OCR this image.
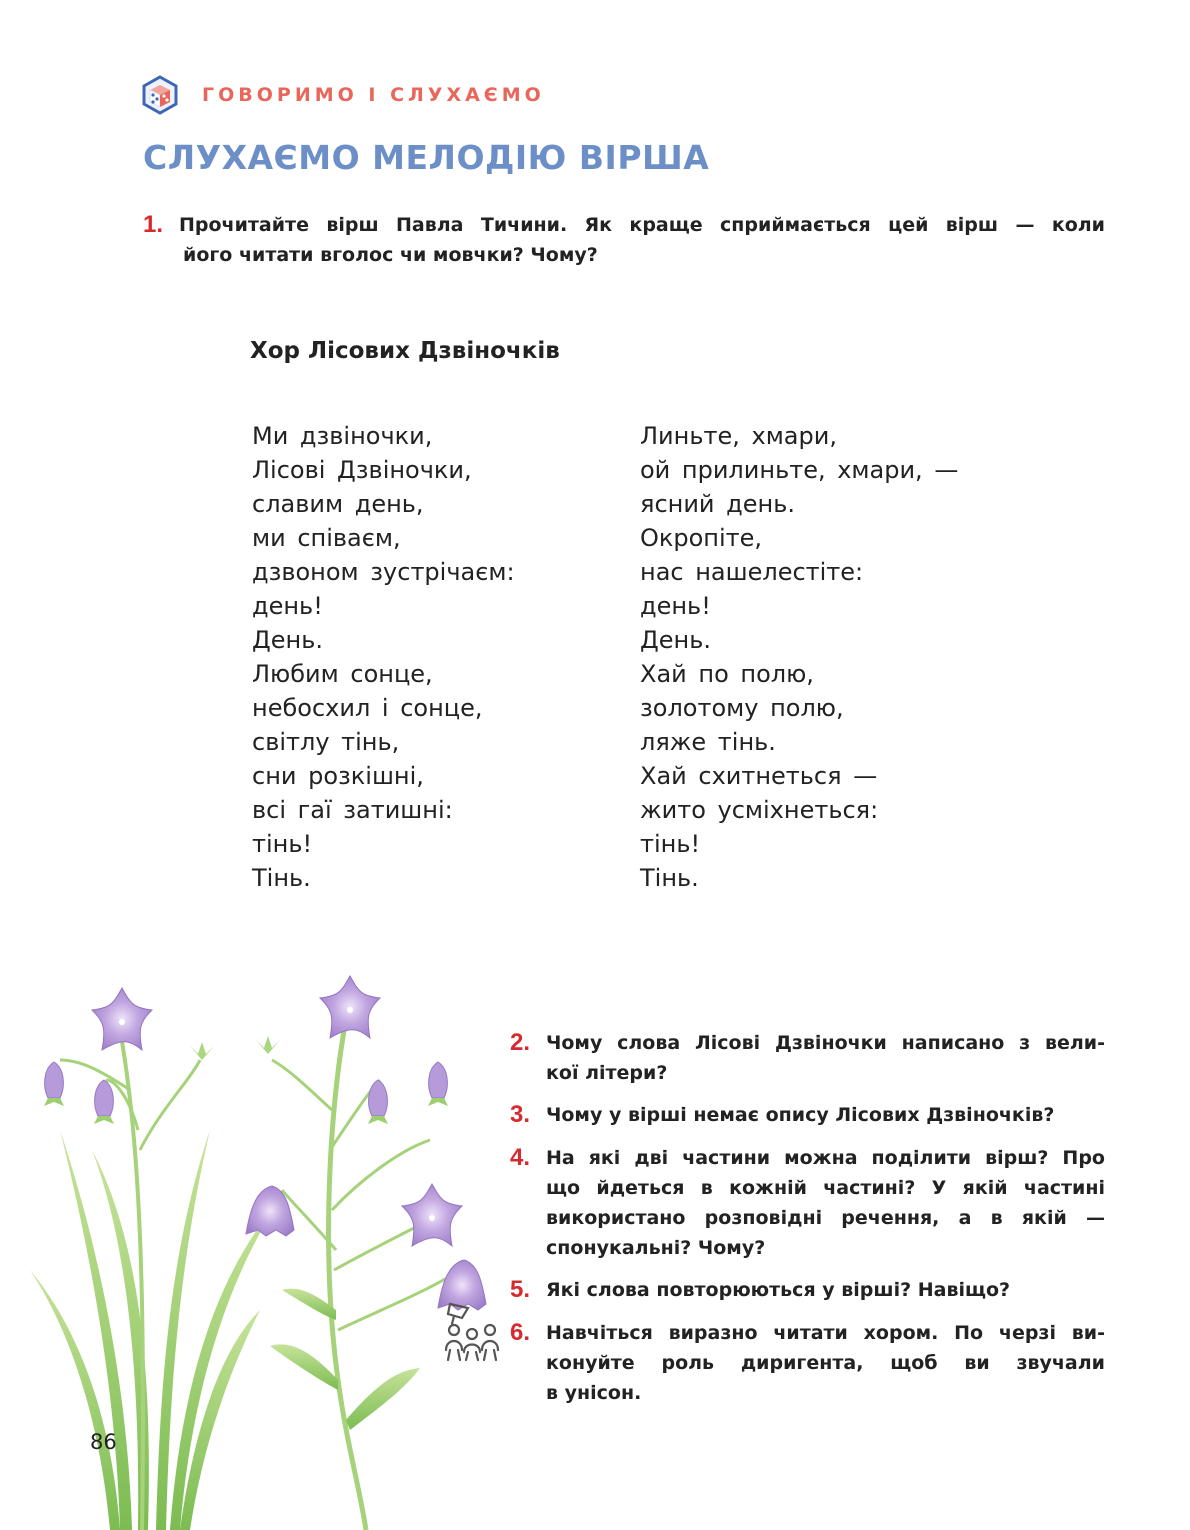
ГОВОРИМО І СЛУХАЄМО
СЛУХАЄМО МЕЛОДІЮ ВІРША
1. Прочитайте вірш Павла Тичини. Як краще сприймається цей вірш — коли
його читати вголос чи мовчки? Чому?
Хор Лісових Дзвіночків
Ми дзвіночки,
Лісові Дзвіночки,
славим день,
ми співаєм,
дзвоном зустрічаєм:
день!
День.
Любим сонце,
небосхил і сонце,
світлу тінь,
сни розкішні,
всі гаї затишні:
тінь!
Тінь.
Линьте, хмари,
ой прилиньте, хмари, —
ясний день.
Окропіте,
нас нашелестіте:
день!
День.
Хай по полю,
золотому полю,
ляже тінь.
Хай схитнеться —
жито усміхнеться:
тінь!
Тінь.
2. Чому слова Лісові Дзвіночки написано з вели-
кої літери?
3. Чому у вірші немає опису Лісових Дзвіночків?
4. На які дві частини можна поділити вірш? Про
що йдеться в кожній частині? У якій частині
використано розповідні речення, а в якій —
спонукальні? Чому?
5. Які слова повторюються у вірші? Навіщо?
6. Навчіться виразно читати хором. По черзі ви-
конуйте роль диригента, щоб ви звучали
в унісон.
86
